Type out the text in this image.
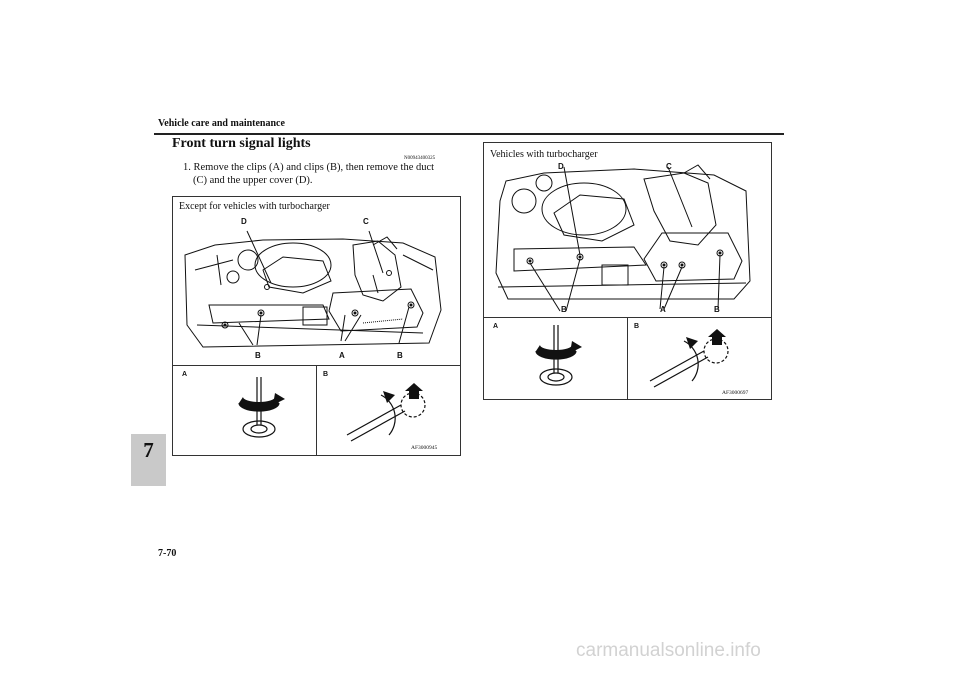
Vehicle care and maintenance
7
7-70
Front turn signal lights
N00943400325
1. Remove the clips (A) and clips (B), then remove the duct
(C) and the upper cover (D).
Except for vehicles with turbocharger
D	C
B	A	B
A	B
AF3000945
Vehicles with turbocharger
D	C
B	A	B
A	B
AF3000697
carmanualsonline.info
